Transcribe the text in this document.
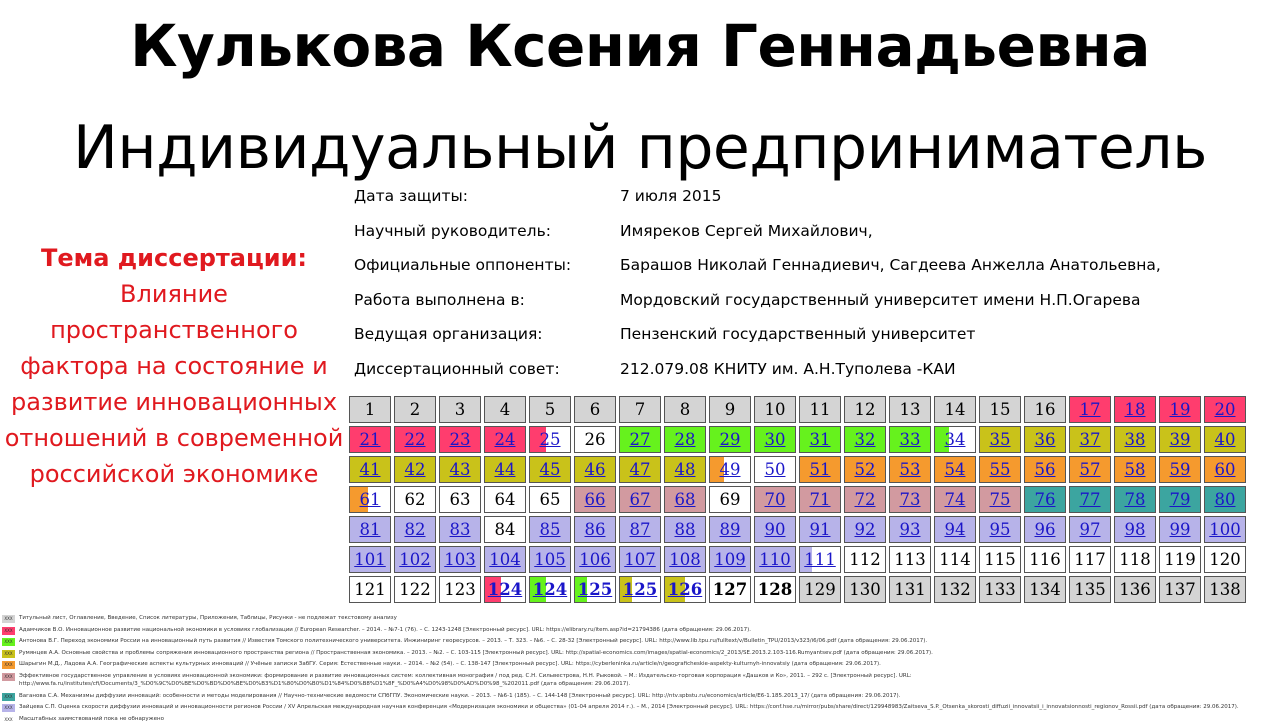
Кулькова Ксения Геннадьевна
Индивидуальный предприниматель
Тема диссертации:
Влияние пространственного фактора на состояние и развитие инновационных отношений в современной российской экономике
Дата защиты:	7 июля 2015
Научный руководитель:	Имяреков Сергей Михайлович,
Официальные оппоненты:	Барашов Николай Геннадиевич, Сагдеева Анжелла Анатольевна,
Работа выполнена в:	Мордовский государственный университет имени Н.П.Огарева
Ведущая организация:	Пензенский государственный университет
Диссертационный совет:	212.079.08 КНИТУ им. А.Н.Туполева -КАИ
1	2	3	4	5	6	7	8	9	10	11	12	13	14	15	16	17	18	19	20
21	22	23	24	25	26	27	28	29	30	31	32	33	34	35	36	37	38	39	40
41	42	43	44	45	46	47	48	49	50	51	52	53	54	55	56	57	58	59	60
61	62	63	64	65	66	67	68	69	70	71	72	73	74	75	76	77	78	79	80
81	82	83	84	85	86	87	88	89	90	91	92	93	94	95	96	97	98	99	100
101	102	103	104	105	106	107	108	109	110	111	112	113	114	115	116	117	118	119	120
121	122	123	124	124	125	125	126	127	128	129	130	131	132	133	134	135	136	137	138
XXX	Титульный лист, Оглавление, Введение, Список литературы, Приложения, Таблицы, Рисунки - не подлежат текстовому анализу
XXX	Адамчиков В.О. Инновационное развитие национальной экономики в условиях глобализации // European Researcher. – 2014. – №7-1 (76). – С. 1243-1248 [Электронный ресурс]. URL: https://elibrary.ru/item.asp?id=21794386 (дата обращения: 29.06.2017).
XXX	Антонова В.Г. Переход экономики России на инновационный путь развития // Известия Томского политехнического университета. Инжиниринг георесурсов. – 2013. – Т. 323. – №6. – С. 28-32 [Электронный ресурс]. URL: http://www.lib.tpu.ru/fulltext/v/Bulletin_TPU/2013/v323/i6/06.pdf (дата обращения: 29.06.2017).
XXX	Румянцев А.А. Основные свойства и проблемы сопряжения инновационного пространства региона // Пространственная экономика. – 2013. – №2. – С. 103-115 [Электронный ресурс]. URL: http://spatial-economics.com/images/spatial-economics/2_2013/SE.2013.2.103-116.Rumyantsev.pdf (дата обращения: 29.06.2017).
XXX	Шарыгин М.Д., Ладова А.А. Географические аспекты культурных инноваций // Учёные записки ЗабГУ. Серия: Естественные науки. – 2014. – №2 (54). – С. 138-147 [Электронный ресурс]. URL: https://cyberleninka.ru/article/n/geograficheskie-aspekty-kulturnyh-innovatsiy (дата обращения: 29.06.2017).
XXX	Эффективное государственное управление в условиях инновационной экономики: формирование и развитие инновационных систем: коллективная монография / под ред. С.Н. Сильвестрова, Н.Н. Рыковой. – М.: Издательско-торговая корпорация «Дашков и Ко», 2011. – 292 с. [Электронный ресурс]. URL: http://www.fa.ru/institutes/cfi/Documents/3_%D0%9C%D0%BE%D0%BD%D0%BE%D0%B3%D1%80%D0%B0%D1%84%D0%B8%D1%8F_%D0%A4%D0%98%D0%AD%D0%98_%202011.pdf (дата обращения: 29.06.2017).
XXX	Ваганова С.А. Механизмы диффузии инноваций: особенности и методы моделирования // Научно-технические ведомости СПбГПУ. Экономические науки. – 2013. – №6-1 (185). – С. 144-148 [Электронный ресурс]. URL: http://ntv.spbstu.ru/economics/article/E6-1.185.2013_17/ (дата обращения: 29.06.2017).
XXX	Зайцева С.П. Оценка скорости диффузии инноваций и инновационности регионов России / XV Апрельская международная научная конференция «Модернизация экономики и общества» (01-04 апреля 2014 г.). – М., 2014 [Электронный ресурс]. URL: https://conf.hse.ru/mirror/pubs/share/direct/129948983/Zaitseva_S.P._Otsenka_skorosti_diffuzii_innovatsii_i_innovatsionnosti_regionov_Rossii.pdf (дата обращения: 29.06.2017).
XXX	Масштабных заимствований пока не обнаружено
